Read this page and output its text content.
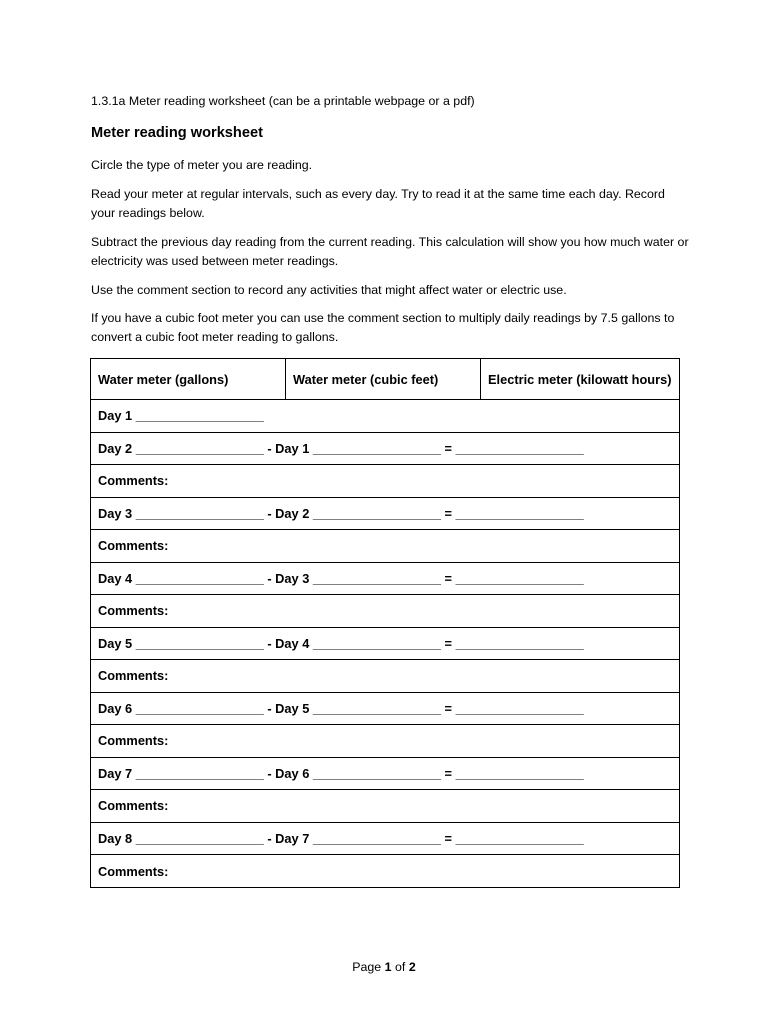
1.3.1a Meter reading worksheet (can be a printable webpage or a pdf)
Meter reading worksheet
Circle the type of meter you are reading.
Read your meter at regular intervals, such as every day. Try to read it at the same time each day. Record your readings below.
Subtract the previous day reading from the current reading. This calculation will show you how much water or electricity was used between meter readings.
Use the comment section to record any activities that might affect water or electric use.
If you have a cubic foot meter you can use the comment section to multiply daily readings by 7.5 gallons to convert a cubic foot meter reading to gallons.
Water meter (gallons)	Water meter (cubic feet)	Electric meter (kilowatt hours)
Day 1 __________________
Day 2 __________________ - Day 1 __________________ = __________________
Comments:
Day 3 __________________ - Day 2 __________________ = __________________
Comments:
Day 4 __________________ - Day 3 __________________ = __________________
Comments:
Day 5 __________________ - Day 4 __________________ = __________________
Comments:
Day 6 __________________ - Day 5 __________________ = __________________
Comments:
Day 7 __________________ - Day 6 __________________ = __________________
Comments:
Day 8 __________________ - Day 7 __________________ = __________________
Comments:
Page 1 of 2
